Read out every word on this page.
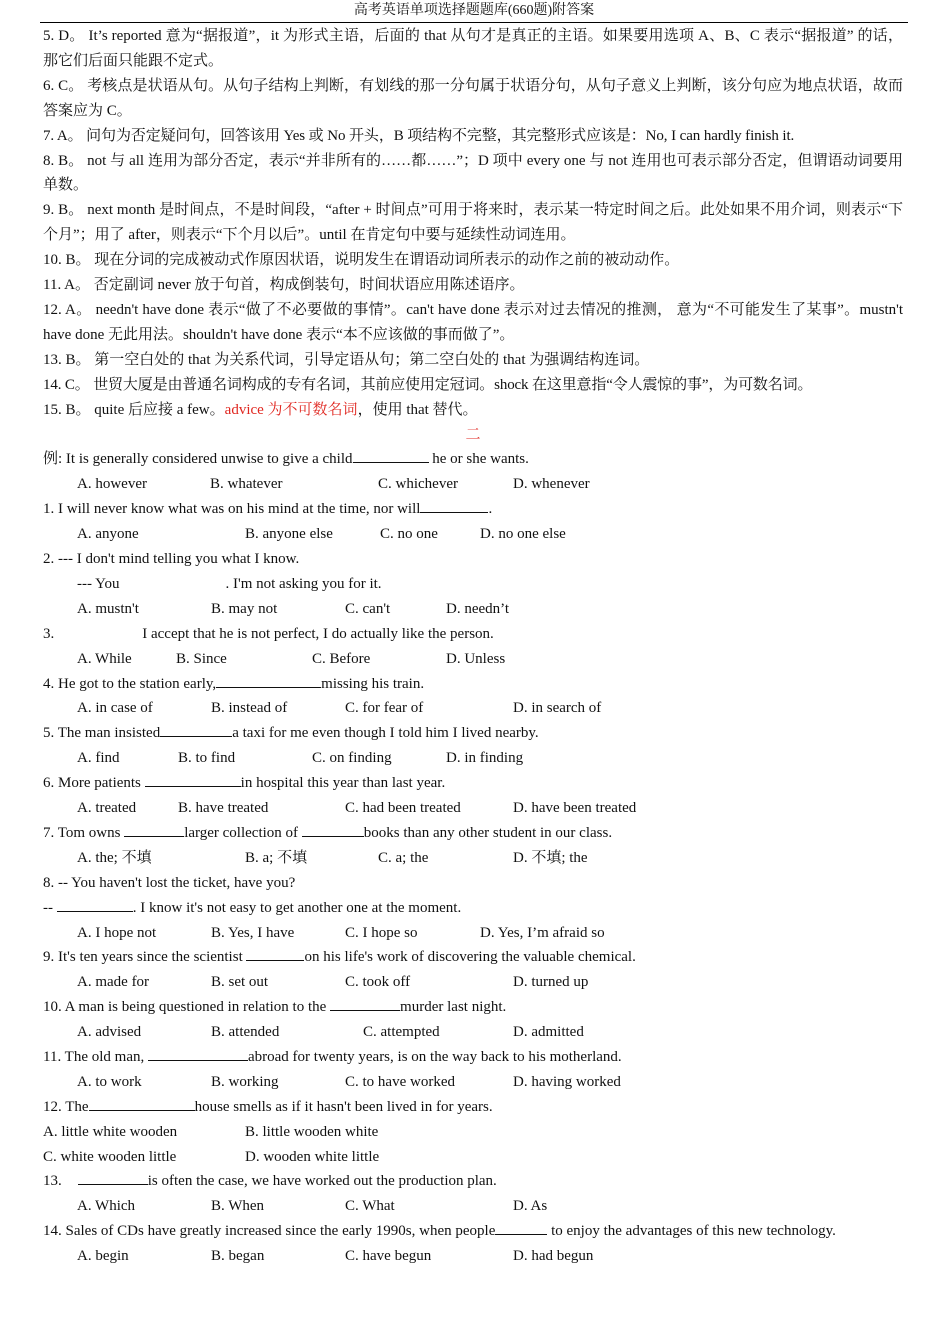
高考英语单项选择题题库(660题)附答案
5. D。 It’s reported 意为“据报道”，it 为形式主语，后面的 that 从句才是真正的主语。如果要用选项 A、B、C 表示“据报道” 的话，那它们后面只能跟不定式。
6. C。 考核点是状语从句。从句子结构上判断，有划线的那一分句属于状语分句，从句子意义上判断，该分句应为地点状语，故而答案应为 C。
7. A。 问句为否定疑问句，回答该用 Yes 或 No 开头，B 项结构不完整，其完整形式应该是：No, I can hardly finish it.
8. B。 not 与 all 连用为部分否定，表示“并非所有的……都……”；D 项中 every one 与 not 连用也可表示部分否定，但谓语动词要用单数。
9. B。 next month 是时间点，不是时间段，“after + 时间点”可用于将来时，表示某一特定时间之后。此处如果不用介词，则表示“下个月”；用了 after，则表示“下个月以后”。until 在肯定句中要与延续性动词连用。
10. B。 现在分词的完成被动式作原因状语，说明发生在谓语动词所表示的动作之前的被动动作。
11. A。 否定副词 never 放于句首，构成倒装句，时间状语应用陈述语序。
12. A。 needn't have done 表示“做了不必要做的事情”。can't have done 表示对过去情况的推测， 意为“不可能发生了某事”。mustn't have done 无此用法。shouldn't have done 表示“本不应该做的事而做了”。
13. B。 第一空白处的 that 为关系代词，引导定语从句；第二空白处的 that 为强调结构连词。
14. C。 世贸大厦是由普通名词构成的专有名词，其前应使用定冠词。shock 在这里意指“令人震惊的事”，为可数名词。
15. B。 quite 后应接 a few。advice 为不可数名词，使用 that 替代。
二
例: It is generally considered unwise to give a child	he or she wants.
A. however	B. whatever	C. whichever	D. whenever
1. I will never know what was on his mind at the time, nor will	.
A. anyone	B. anyone else	C. no one	D. no one else
2. --- I don't mind telling you what I know.
--- You	. I'm not asking you for it.
A. mustn't	B. may not	C. can't	D. needn’t
3.	I accept that he is not perfect, I do actually like the person.
A. While	B. Since	C. Before	D. Unless
4. He got to the station early,	missing his train.
A. in case of	B. instead of	C. for fear of	D. in search of
5. The man insisted	a taxi for me even though I told him I lived nearby.
A. find	B. to find	C. on finding	D. in finding
6. More patients	in hospital this year than last year.
A. treated	B. have treated	C. had been treated	D. have been treated
7. Tom owns	larger collection of	books than any other student in our class.
A. the; 不填	B. a; 不填	C. a; the	D. 不填; the
8. -- You haven't lost the ticket, have you?
--	. I know it's not easy to get another one at the moment.
A. I hope not	B. Yes, I have	C. I hope so	D. Yes, I’m afraid so
9. It's ten years since the scientist	on his life's work of discovering the valuable chemical.
A. made for	B. set out	C. took off	D. turned up
10. A man is being questioned in relation to the	murder last night.
A. advised	B. attended	C. attempted	D. admitted
11. The old man,	abroad for twenty years, is on the way back to his motherland.
A. to work	B. working	C. to have worked	D. having worked
12. The	house smells as if it hasn't been lived in for years.
A. little white wooden	B. little wooden white
C. white wooden little	D. wooden white little
13.	is often the case, we have worked out the production plan.
A. Which	B. When	C. What	D. As
14. Sales of CDs have greatly increased since the early 1990s, when people	to enjoy the advantages of this new technology.
A. begin	B. began	C. have begun	D. had begun
